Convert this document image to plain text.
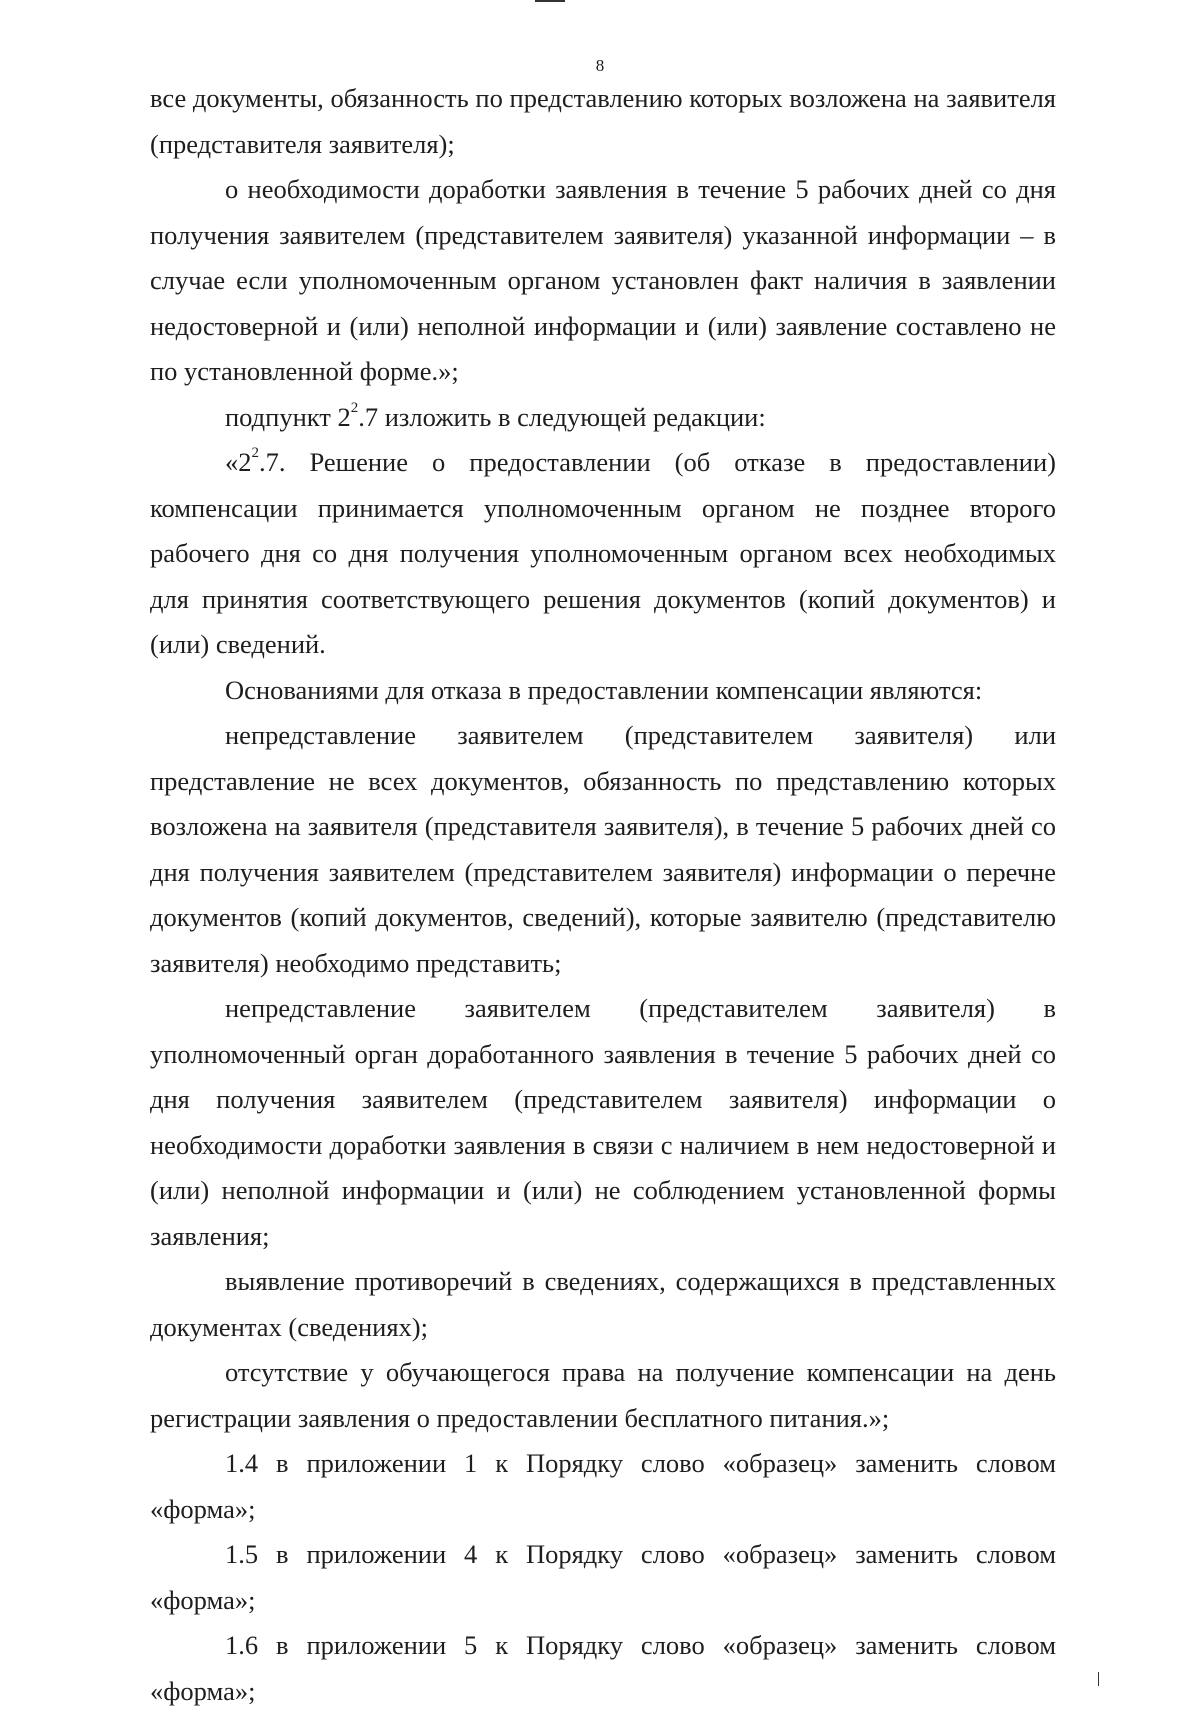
8

все документы, обязанность по представлению которых возложена на заявителя (представителя заявителя);

о необходимости доработки заявления в течение 5 рабочих дней со дня получения заявителем (представителем заявителя) указанной информации – в случае если уполномоченным органом установлен факт наличия в заявлении недостоверной и (или) неполной информации и (или) заявление составлено не по установленной форме.»;

подпункт $2^2.7$ изложить в следующей редакции:

«$2^2.7$. Решение о предоставлении (об отказе в предоставлении) компенсации принимается уполномоченным органом не позднее второго рабочего дня со дня получения уполномоченным органом всех необходимых для принятия соответствующего решения документов (копий документов) и (или) сведений.

Основаниями для отказа в предоставлении компенсации являются:

непредставление заявителем (представителем заявителя) или представление не всех документов, обязанность по представлению которых возложена на заявителя (представителя заявителя), в течение 5 рабочих дней со дня получения заявителем (представителем заявителя) информации о перечне документов (копий документов, сведений), которые заявителю (представителю заявителя) необходимо представить;

непредставление заявителем (представителем заявителя) в уполномоченный орган доработанного заявления в течение 5 рабочих дней со дня получения заявителем (представителем заявителя) информации о необходимости доработки заявления в связи с наличием в нем недостоверной и (или) неполной информации и (или) не соблюдением установленной формы заявления;

выявление противоречий в сведениях, содержащихся в представленных документах (сведениях);

отсутствие у обучающегося права на получение компенсации на день регистрации заявления о предоставлении бесплатного питания.»;

1.4 в приложении 1 к Порядку слово «образец» заменить словом «форма»;

1.5 в приложении 4 к Порядку слово «образец» заменить словом «форма»;

1.6 в приложении 5 к Порядку слово «образец» заменить словом «форма»;
